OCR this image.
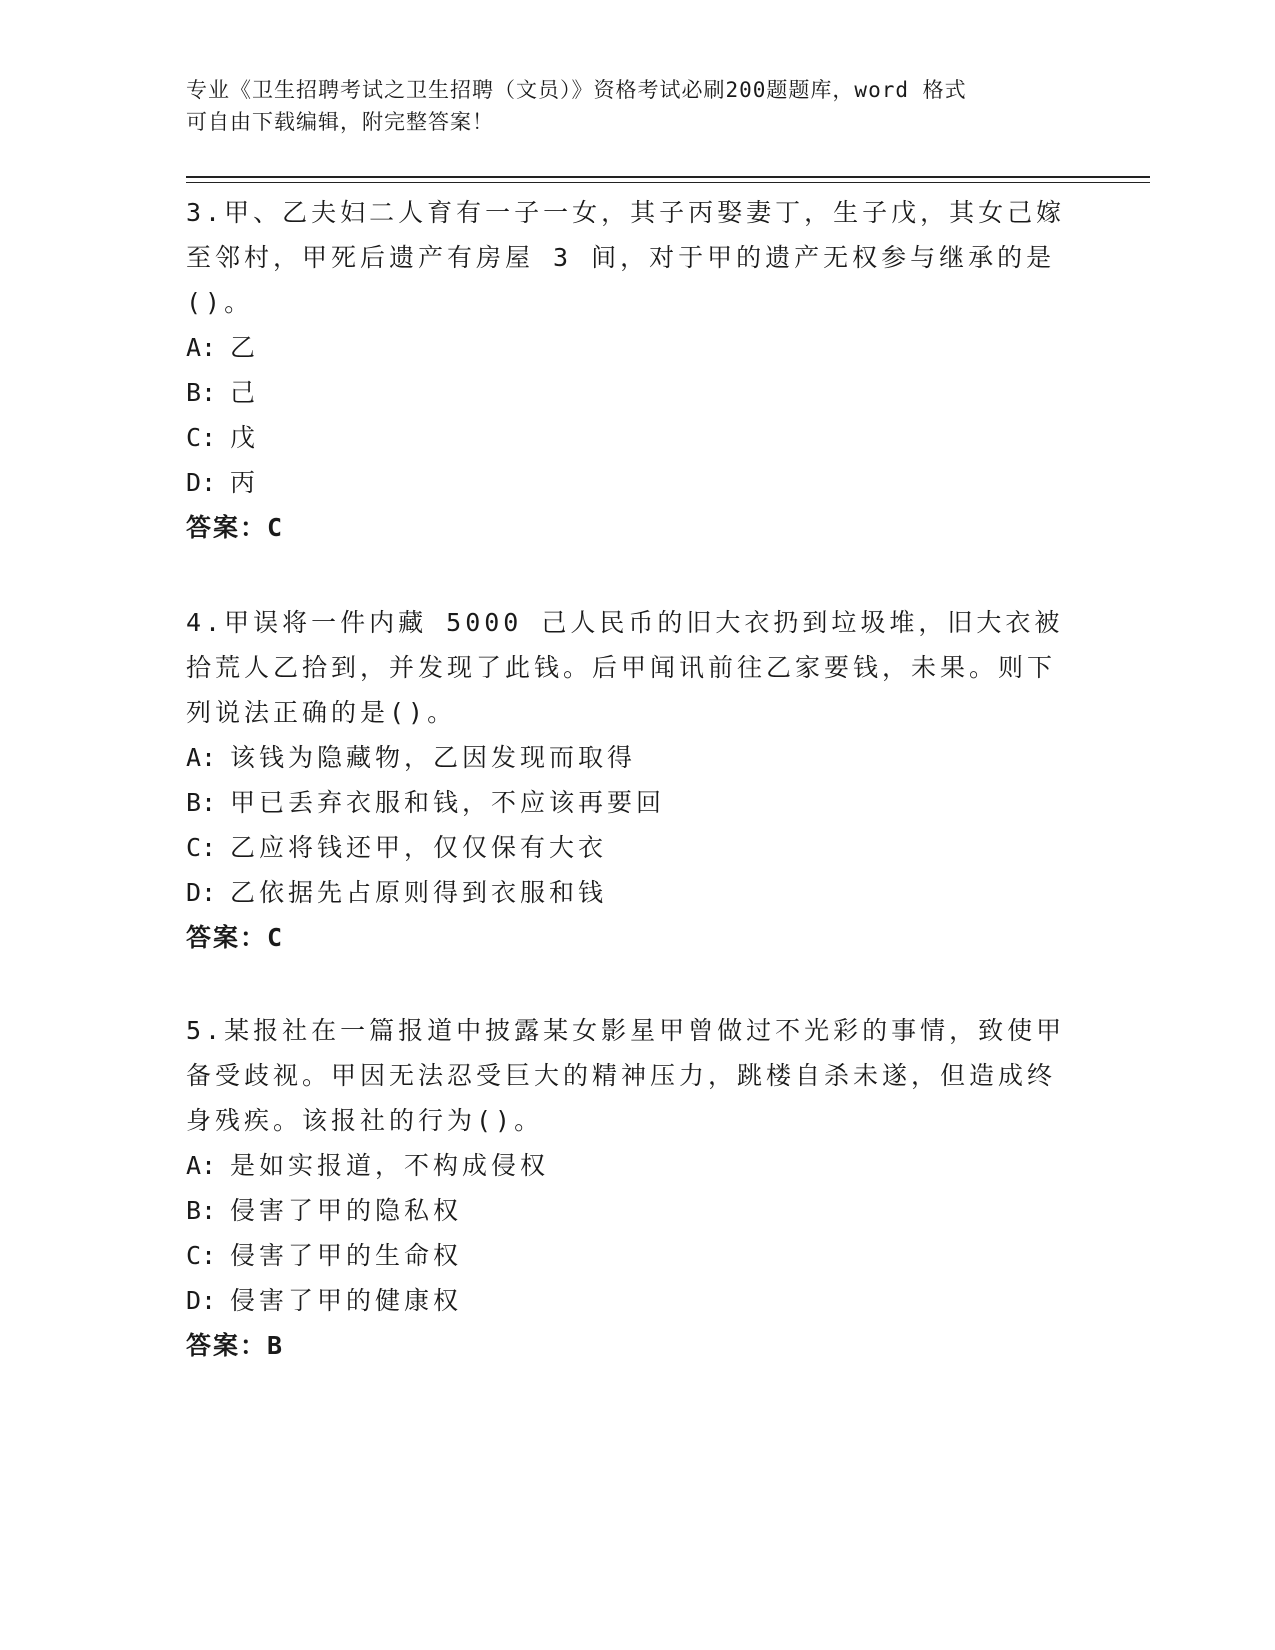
专业《卫生招聘考试之卫生招聘（文员）》资格考试必刷200题题库，word 格式
可自由下载编辑，附完整答案！

3.甲、乙夫妇二人育有一子一女，其子丙娶妻丁，生子戊，其女己嫁至邻村，甲死后遗产有房屋 3 间，对于甲的遗产无权参与继承的是()。

A: 乙

B: 己

C: 戊

D: 丙

答案：C

4.甲误将一件内藏 5000 己人民币的旧大衣扔到垃圾堆，旧大衣被拾荒人乙拾到，并发现了此钱。后甲闻讯前往乙家要钱，未果。则下列说法正确的是()。

A: 该钱为隐藏物，乙因发现而取得

B: 甲已丢弃衣服和钱，不应该再要回

C: 乙应将钱还甲，仅仅保有大衣

D: 乙依据先占原则得到衣服和钱

答案：C

5.某报社在一篇报道中披露某女影星甲曾做过不光彩的事情，致使甲备受歧视。甲因无法忍受巨大的精神压力，跳楼自杀未遂，但造成终身残疾。该报社的行为()。

A: 是如实报道，不构成侵权

B: 侵害了甲的隐私权

C: 侵害了甲的生命权

D: 侵害了甲的健康权

答案：B
